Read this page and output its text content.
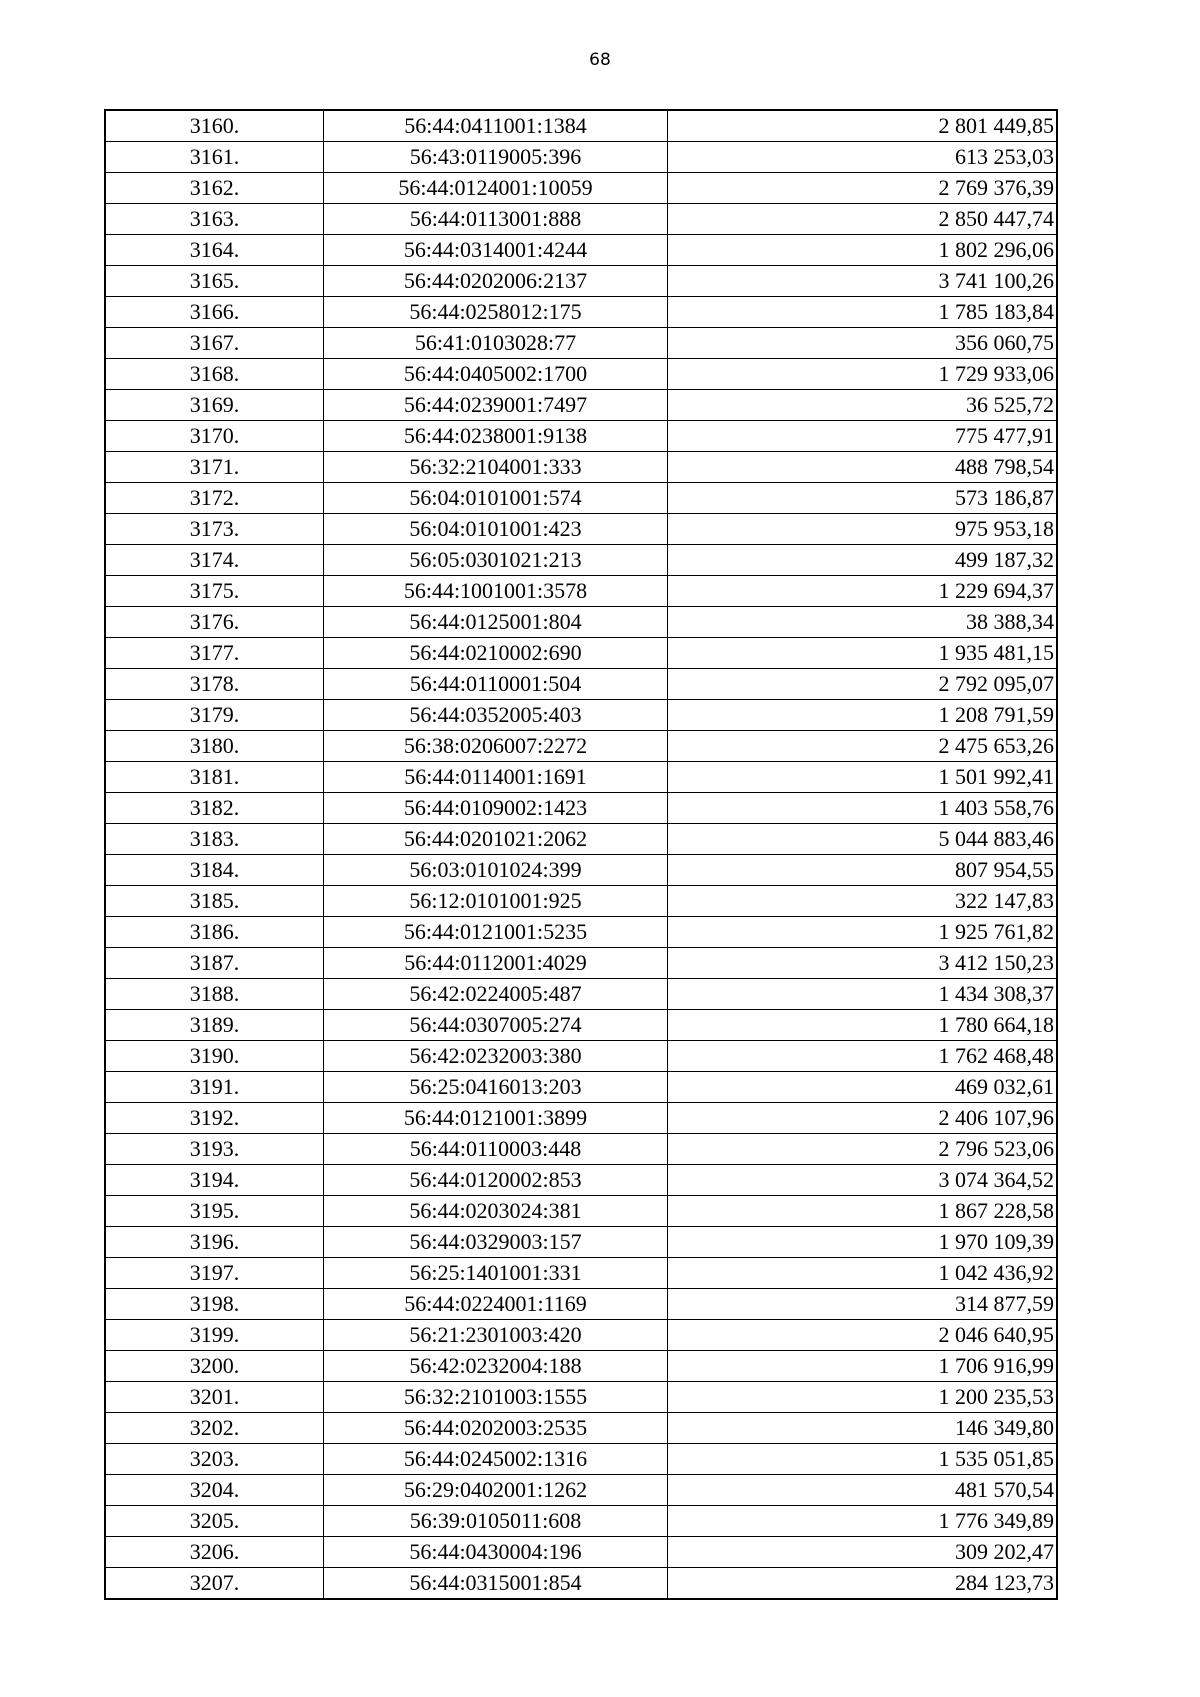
68
3160.	56:44:0411001:1384	2 801 449,85
3161.	56:43:0119005:396	613 253,03
3162.	56:44:0124001:10059	2 769 376,39
3163.	56:44:0113001:888	2 850 447,74
3164.	56:44:0314001:4244	1 802 296,06
3165.	56:44:0202006:2137	3 741 100,26
3166.	56:44:0258012:175	1 785 183,84
3167.	56:41:0103028:77	356 060,75
3168.	56:44:0405002:1700	1 729 933,06
3169.	56:44:0239001:7497	36 525,72
3170.	56:44:0238001:9138	775 477,91
3171.	56:32:2104001:333	488 798,54
3172.	56:04:0101001:574	573 186,87
3173.	56:04:0101001:423	975 953,18
3174.	56:05:0301021:213	499 187,32
3175.	56:44:1001001:3578	1 229 694,37
3176.	56:44:0125001:804	38 388,34
3177.	56:44:0210002:690	1 935 481,15
3178.	56:44:0110001:504	2 792 095,07
3179.	56:44:0352005:403	1 208 791,59
3180.	56:38:0206007:2272	2 475 653,26
3181.	56:44:0114001:1691	1 501 992,41
3182.	56:44:0109002:1423	1 403 558,76
3183.	56:44:0201021:2062	5 044 883,46
3184.	56:03:0101024:399	807 954,55
3185.	56:12:0101001:925	322 147,83
3186.	56:44:0121001:5235	1 925 761,82
3187.	56:44:0112001:4029	3 412 150,23
3188.	56:42:0224005:487	1 434 308,37
3189.	56:44:0307005:274	1 780 664,18
3190.	56:42:0232003:380	1 762 468,48
3191.	56:25:0416013:203	469 032,61
3192.	56:44:0121001:3899	2 406 107,96
3193.	56:44:0110003:448	2 796 523,06
3194.	56:44:0120002:853	3 074 364,52
3195.	56:44:0203024:381	1 867 228,58
3196.	56:44:0329003:157	1 970 109,39
3197.	56:25:1401001:331	1 042 436,92
3198.	56:44:0224001:1169	314 877,59
3199.	56:21:2301003:420	2 046 640,95
3200.	56:42:0232004:188	1 706 916,99
3201.	56:32:2101003:1555	1 200 235,53
3202.	56:44:0202003:2535	146 349,80
3203.	56:44:0245002:1316	1 535 051,85
3204.	56:29:0402001:1262	481 570,54
3205.	56:39:0105011:608	1 776 349,89
3206.	56:44:0430004:196	309 202,47
3207.	56:44:0315001:854	284 123,73
